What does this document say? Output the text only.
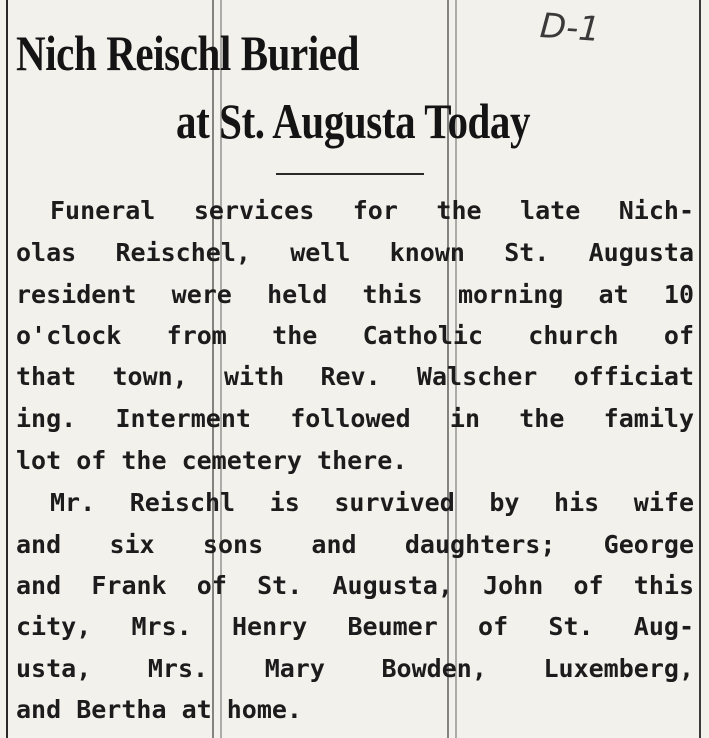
Nich Reischl Buried
at St. Augusta Today
D-1
Funeral services for the late Nich-
olas Reischel, well known St. Augusta
resident were held this morning at 10
o'clock from the Catholic church of
that town, with Rev. Walscher officiat
ing. Interment followed in the family
lot of the cemetery there.
Mr. Reischl is survived by his wife
and six sons and daughters; George
and Frank of St. Augusta, John of this
city, Mrs. Henry Beumer of St. Aug-
usta, Mrs. Mary Bowden, Luxemberg,
and Bertha at home.
